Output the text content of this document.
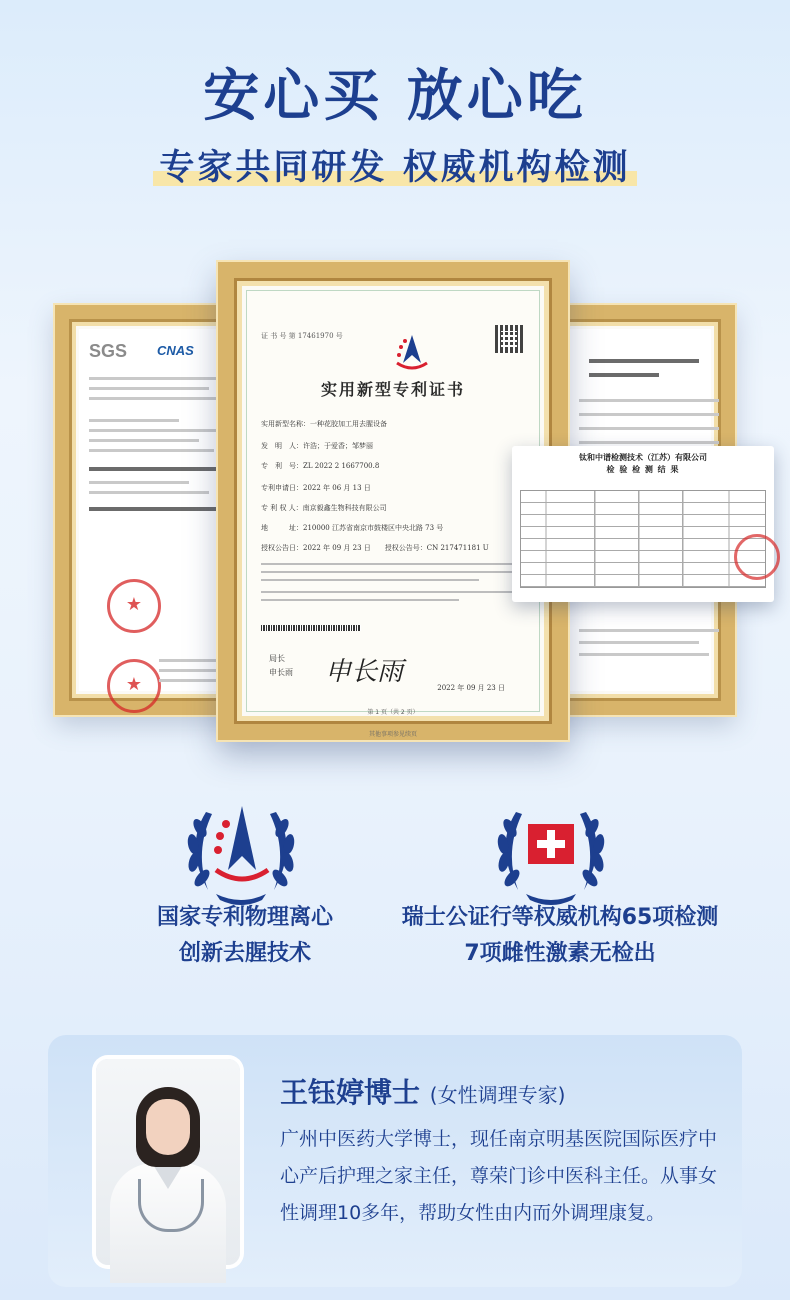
安心买 放心吃
专家共同研发 权威机构检测
SGS CNAS
★
★
证 书 号 第 17461970 号
实用新型专利证书
实用新型名称：一种花胶加工用去腥设备
发　明　人：许浩；于爱香；邹梦丽
专　利　号：ZL 2022 2 1667700.8
专利申请日：2022 年 06 月 13 日
专 利 权 人：南京毅鑫生物科技有限公司
地　　　址：210000 江苏省南京市鼓楼区中央北路 73 号
授权公告日：2022 年 09 月 23 日　　授权公告号：CN 217471181 U
局长
申长雨 申长雨
2022 年 09 月 23 日
第 1 页（共 2 页）
其他事项参见续页
钛和中谱检测技术（江苏）有限公司
检 验 检 测 结 果
国家专利物理离心
创新去腥技术
瑞士公证行等权威机构65项检测
7项雌性激素无检出
王钰婷博士 (女性调理专家)
广州中医药大学博士，现任南京明基医院国际医疗中心产后护理之家主任，尊荣门诊中医科主任。从事女性调理10多年，帮助女性由内而外调理康复。
